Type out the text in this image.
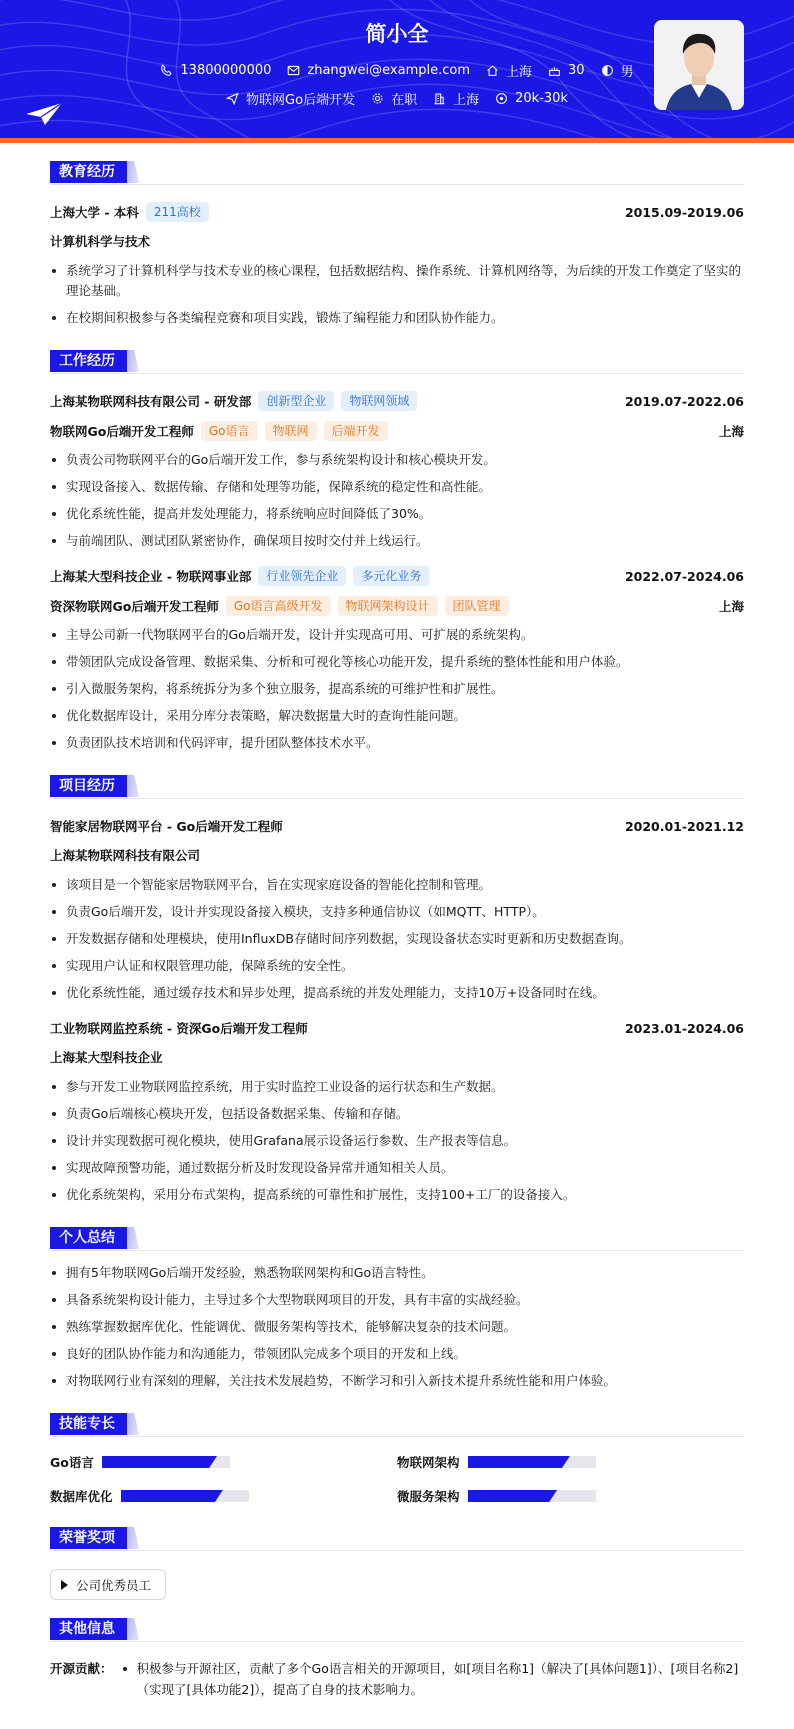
简小全
13800000000	zhangwei@example.com	上海	30	男
物联网Go后端开发	在职	上海	20k-30k
教育经历
上海大学 - 本科	211高校	2015.09-2019.06
计算机科学与技术
系统学习了计算机科学与技术专业的核心课程，包括数据结构、操作系统、计算机网络等，为后续的开发工作奠定了坚实的理论基础。
在校期间积极参与各类编程竞赛和项目实践，锻炼了编程能力和团队协作能力。
工作经历
上海某物联网科技有限公司 - 研发部	创新型企业	物联网领域	2019.07-2022.06
物联网Go后端开发工程师	Go语言	物联网	后端开发	上海
负责公司物联网平台的Go后端开发工作，参与系统架构设计和核心模块开发。
实现设备接入、数据传输、存储和处理等功能，保障系统的稳定性和高性能。
优化系统性能，提高并发处理能力，将系统响应时间降低了30%。
与前端团队、测试团队紧密协作，确保项目按时交付并上线运行。
上海某大型科技企业 - 物联网事业部	行业领先企业	多元化业务	2022.07-2024.06
资深物联网Go后端开发工程师	Go语言高级开发	物联网架构设计	团队管理	上海
主导公司新一代物联网平台的Go后端开发，设计并实现高可用、可扩展的系统架构。
带领团队完成设备管理、数据采集、分析和可视化等核心功能开发，提升系统的整体性能和用户体验。
引入微服务架构，将系统拆分为多个独立服务，提高系统的可维护性和扩展性。
优化数据库设计，采用分库分表策略，解决数据量大时的查询性能问题。
负责团队技术培训和代码评审，提升团队整体技术水平。
项目经历
智能家居物联网平台 - Go后端开发工程师	2020.01-2021.12
上海某物联网科技有限公司
该项目是一个智能家居物联网平台，旨在实现家庭设备的智能化控制和管理。
负责Go后端开发，设计并实现设备接入模块，支持多种通信协议（如MQTT、HTTP）。
开发数据存储和处理模块，使用InfluxDB存储时间序列数据，实现设备状态实时更新和历史数据查询。
实现用户认证和权限管理功能，保障系统的安全性。
优化系统性能，通过缓存技术和异步处理，提高系统的并发处理能力，支持10万+设备同时在线。
工业物联网监控系统 - 资深Go后端开发工程师	2023.01-2024.06
上海某大型科技企业
参与开发工业物联网监控系统，用于实时监控工业设备的运行状态和生产数据。
负责Go后端核心模块开发，包括设备数据采集、传输和存储。
设计并实现数据可视化模块，使用Grafana展示设备运行参数、生产报表等信息。
实现故障预警功能，通过数据分析及时发现设备异常并通知相关人员。
优化系统架构，采用分布式架构，提高系统的可靠性和扩展性，支持100+工厂的设备接入。
个人总结
拥有5年物联网Go后端开发经验，熟悉物联网架构和Go语言特性。
具备系统架构设计能力，主导过多个大型物联网项目的开发，具有丰富的实战经验。
熟练掌握数据库优化、性能调优、微服务架构等技术，能够解决复杂的技术问题。
良好的团队协作能力和沟通能力，带领团队完成多个项目的开发和上线。
对物联网行业有深刻的理解，关注技术发展趋势，不断学习和引入新技术提升系统性能和用户体验。
技能专长
Go语言	物联网架构
数据库优化	微服务架构
荣誉奖项
公司优秀员工
其他信息
开源贡献：	积极参与开源社区，贡献了多个Go语言相关的开源项目，如[项目名称1]（解决了[具体问题1]）、[项目名称2]（实现了[具体功能2]），提高了自身的技术影响力。
